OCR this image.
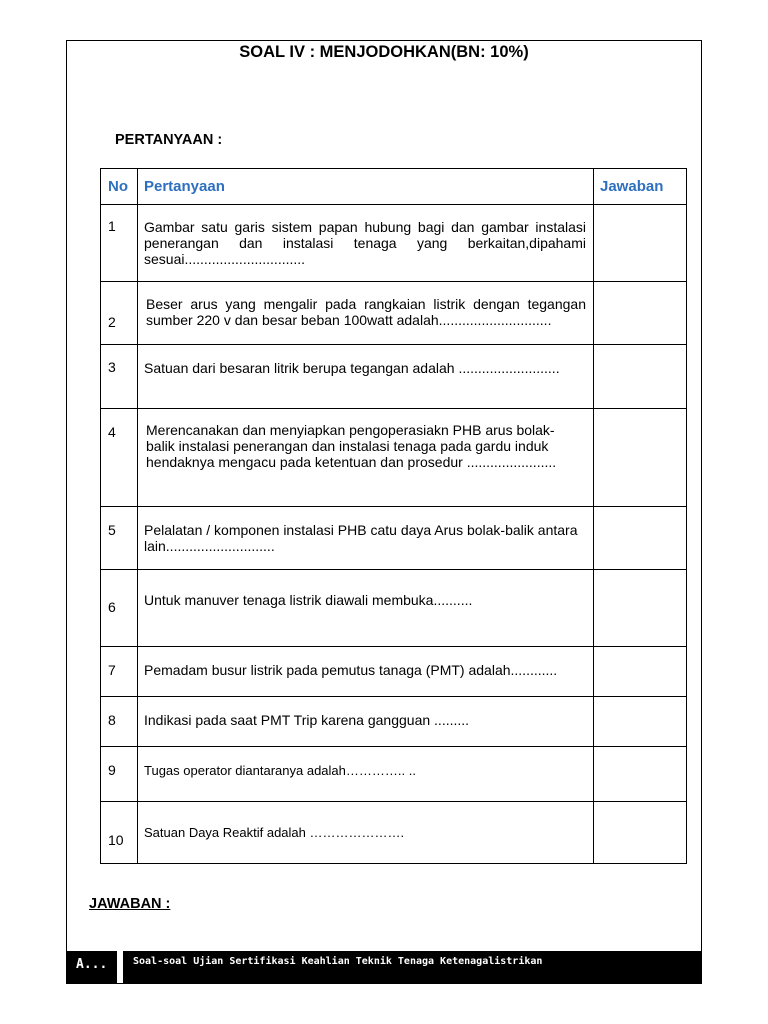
SOAL IV : MENJODOHKAN(BN: 10%)
PERTANYAAN :
No	Pertanyaan	Jawaban
1	Gambar satu garis sistem papan hubung bagi dan gambar instalasi penerangan dan instalasi tenaga yang berkaitan,dipahami sesuai...............................	
2	Beser arus yang mengalir pada rangkaian listrik dengan tegangan sumber 220 v dan besar beban 100watt adalah.............................	
3	Satuan dari besaran litrik berupa tegangan adalah ..........................	
4	Merencanakan dan menyiapkan pengoperasiakn PHB arus bolak-balik instalasi penerangan dan instalasi tenaga pada gardu induk hendaknya mengacu pada ketentuan dan prosedur .......................	
5	Pelalatan / komponen instalasi PHB catu daya Arus bolak-balik antara lain............................	
6	Untuk manuver tenaga listrik diawali membuka..........	
7	Pemadam busur listrik pada pemutus tanaga (PMT) adalah............	
8	Indikasi pada saat PMT Trip karena gangguan .........	
9	Tugas operator diantaranya adalah………….. ..	
10	Satuan Daya Reaktif adalah ………………….	
JAWABAN :
A...	Soal-soal Ujian Sertifikasi Keahlian Teknik Tenaga Ketenagalistrikan
